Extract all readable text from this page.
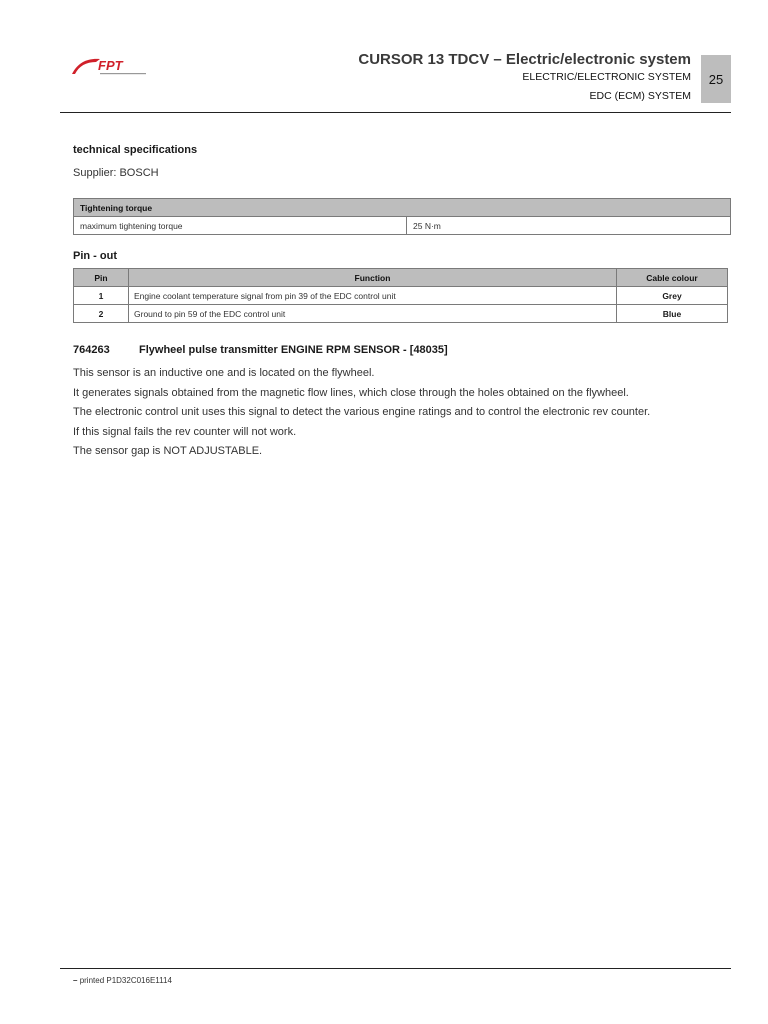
FPT	CURSOR 13 TDCV – Electric/electronic system
ELECTRIC/ELECTRONIC SYSTEM
EDC (ECM) SYSTEM
25
technical specifications
Supplier: BOSCH
Tightening torque
maximum tightening torque	25 N·m
Pin - out
Pin	Function	Cable colour
1	Engine coolant temperature signal from pin 39 of the EDC control unit	Grey
2	Ground to pin 59 of the EDC control unit	Blue
764263	Flywheel pulse transmitter ENGINE RPM SENSOR - [48035]
This sensor is an inductive one and is located on the flywheel.
It generates signals obtained from the magnetic flow lines, which close through the holes obtained on the flywheel.
The electronic control unit uses this signal to detect the various engine ratings and to control the electronic rev counter.
If this signal fails the rev counter will not work.
The sensor gap is NOT ADJUSTABLE.
– printed P1D32C016E1114
